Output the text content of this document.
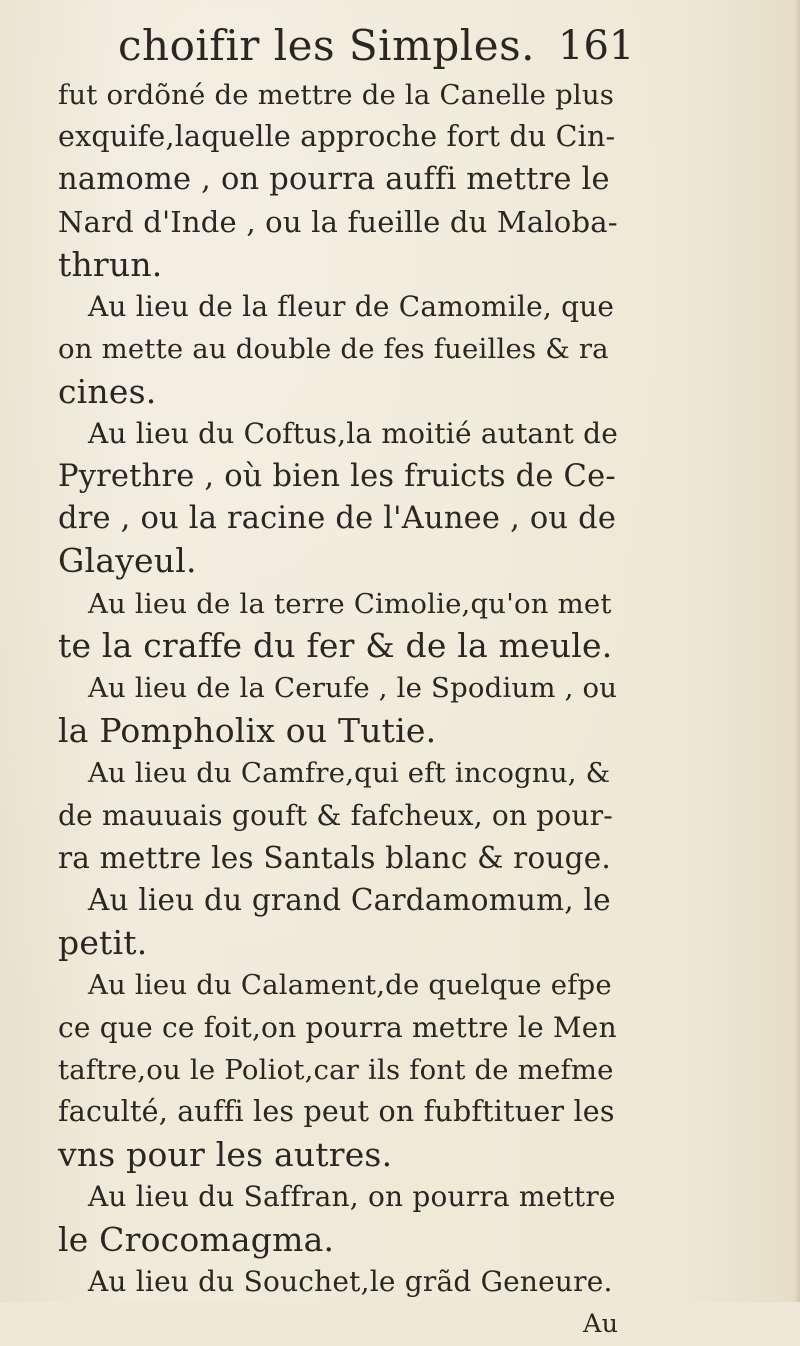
choifir les Simples. 161
fut ordõné de mettre de la Canelle plus
exquife,laquelle approche fort du Cin-
namome , on pourra auffi mettre le
Nard d'Inde , ou la fueille du Maloba-
thrun.
Au lieu de la fleur de Camomile, que
on mette au double de fes fueilles & ra
cines.
Au lieu du Coftus,la moitié autant de
Pyrethre , où bien les fruicts de Ce-
dre , ou la racine de l'Aunee , ou de
Glayeul.
Au lieu de la terre Cimolie,qu'on met
te la craffe du fer & de la meule.
Au lieu de la Cerufe , le Spodium , ou
la Pompholix ou Tutie.
Au lieu du Camfre,qui eft incognu, &
de mauuais gouft & fafcheux, on pour-
ra mettre les Santals blanc & rouge.
Au lieu du grand Cardamomum, le
petit.
Au lieu du Calament,de quelque efpe
ce que ce foit,on pourra mettre le Men
taftre,ou le Poliot,car ils font de mefme
faculté, auffi les peut on fubftituer les
vns pour les autres.
Au lieu du Saffran, on pourra mettre
le Crocomagma.
Au lieu du Souchet,le grãd Geneure.
Au
